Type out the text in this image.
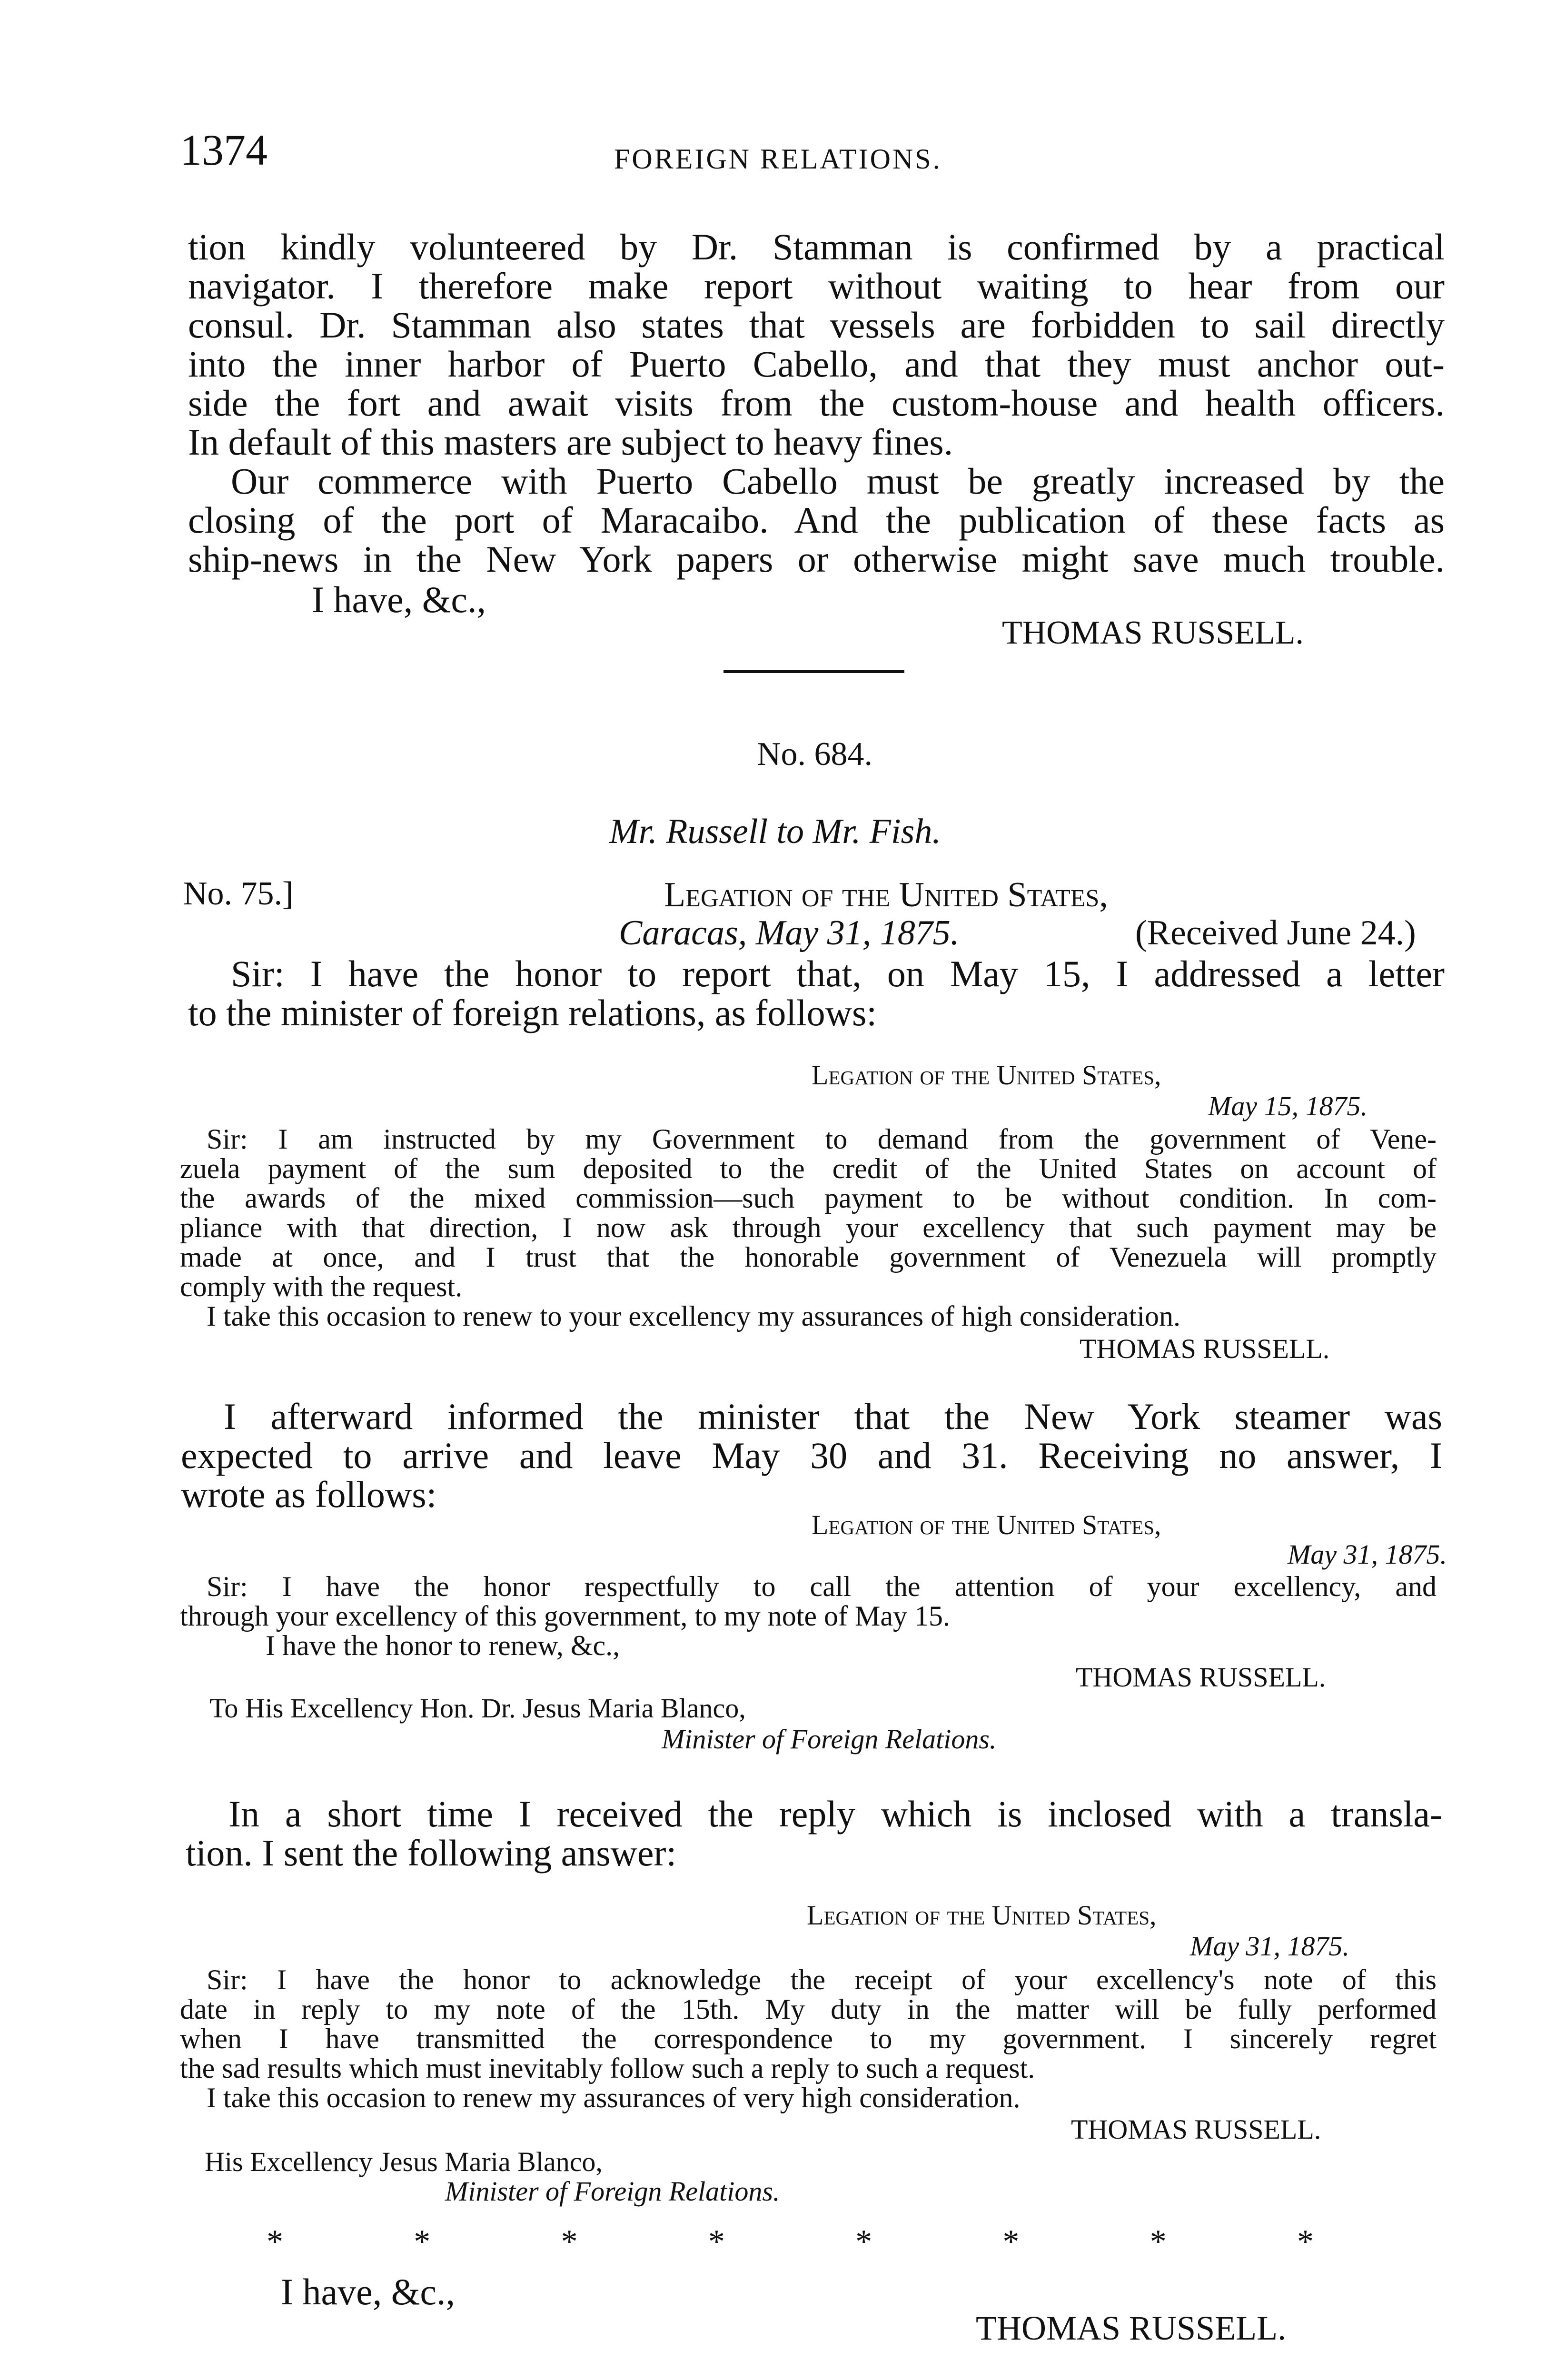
1374	FOREIGN RELATIONS.
tion kindly volunteered by Dr. Stamman is confirmed by a practical
navigator. I therefore make report without waiting to hear from our
consul. Dr. Stamman also states that vessels are forbidden to sail directly
into the inner harbor of Puerto Cabello, and that they must anchor out-
side the fort and await visits from the custom-house and health officers.
In default of this masters are subject to heavy fines.
Our commerce with Puerto Cabello must be greatly increased by the
closing of the port of Maracaibo. And the publication of these facts as
ship-news in the New York papers or otherwise might save much trouble.
I have, &c.,
THOMAS RUSSELL.
No. 684.
Mr. Russell to Mr. Fish.
No. 75.]	Legation of the United States,
Caracas, May 31, 1875.	(Received June 24.)
Sir: I have the honor to report that, on May 15, I addressed a letter
to the minister of foreign relations, as follows:
Legation of the United States,
May 15, 1875.
Sir: I am instructed by my Government to demand from the government of Vene-
zuela payment of the sum deposited to the credit of the United States on account of
the awards of the mixed commission—such payment to be without condition. In com-
pliance with that direction, I now ask through your excellency that such payment may be
made at once, and I trust that the honorable government of Venezuela will promptly
comply with the request.
I take this occasion to renew to your excellency my assurances of high consideration.
THOMAS RUSSELL.
I afterward informed the minister that the New York steamer was
expected to arrive and leave May 30 and 31. Receiving no answer, I
wrote as follows:
Legation of the United States,
May 31, 1875.
Sir: I have the honor respectfully to call the attention of your excellency, and
through your excellency of this government, to my note of May 15.
I have the honor to renew, &c.,
THOMAS RUSSELL.
To His Excellency Hon. Dr. Jesus Maria Blanco,
Minister of Foreign Relations.
In a short time I received the reply which is inclosed with a transla-
tion. I sent the following answer:
Legation of the United States,
May 31, 1875.
Sir: I have the honor to acknowledge the receipt of your excellency's note of this
date in reply to my note of the 15th. My duty in the matter will be fully performed
when I have transmitted the correspondence to my government. I sincerely regret
the sad results which must inevitably follow such a reply to such a request.
I take this occasion to renew my assurances of very high consideration.
THOMAS RUSSELL.
His Excellency Jesus Maria Blanco,
Minister of Foreign Relations.
*	*	*	*	*	*	*	*
I have, &c.,
THOMAS RUSSELL.
